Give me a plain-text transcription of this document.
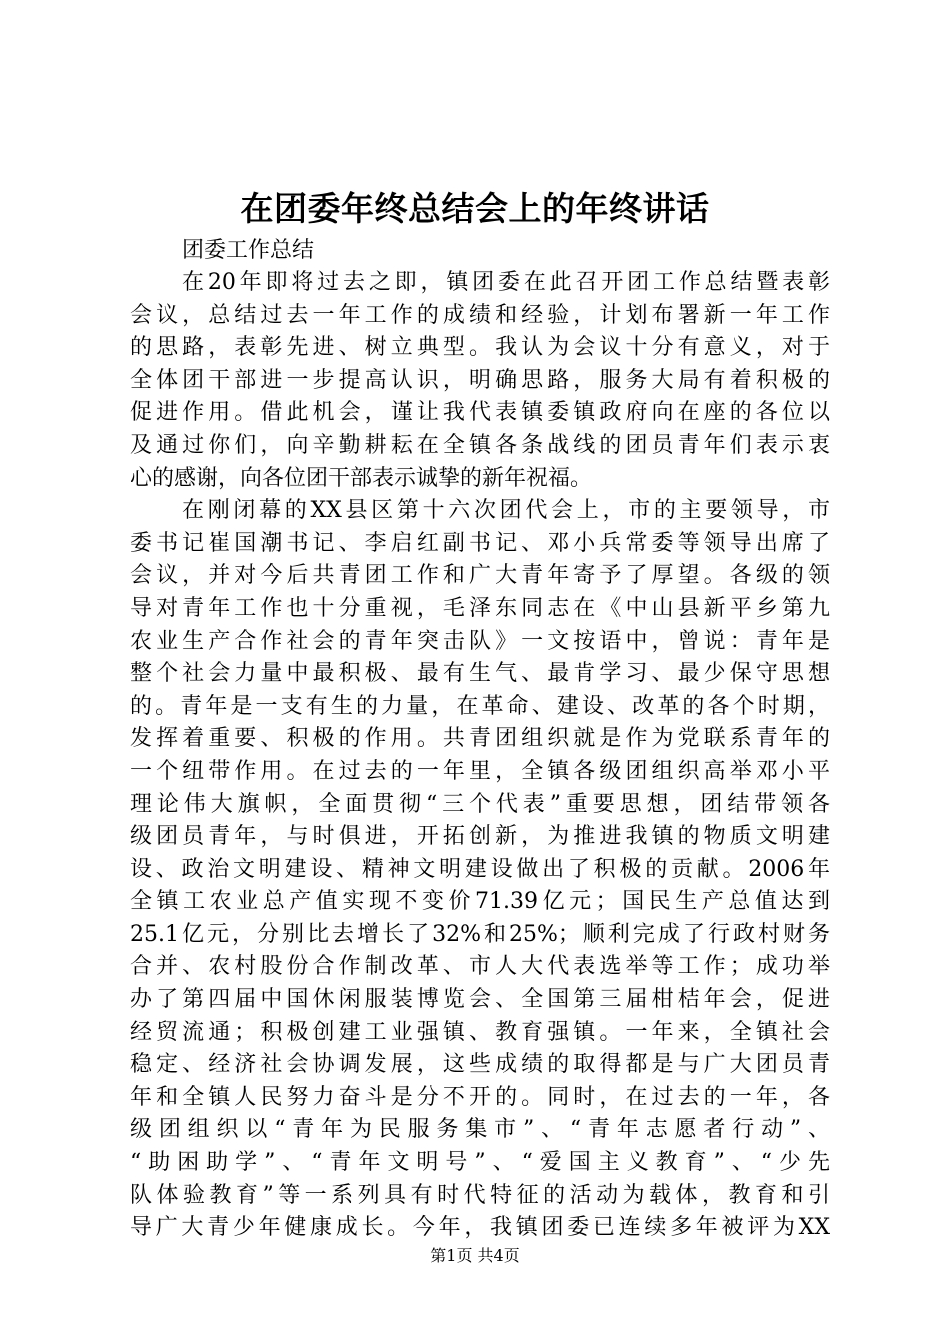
在团委年终总结会上的年终讲话
团委工作总结
在20年即将过去之即，镇团委在此召开团工作总结暨表彰
会议，总结过去一年工作的成绩和经验，计划布署新一年工作
的思路，表彰先进、树立典型。我认为会议十分有意义，对于
全体团干部进一步提高认识，明确思路，服务大局有着积极的
促进作用。借此机会，谨让我代表镇委镇政府向在座的各位以
及通过你们，向辛勤耕耘在全镇各条战线的团员青年们表示衷
心的感谢，向各位团干部表示诚挚的新年祝福。
在刚闭幕的XX县区第十六次团代会上，市的主要领导，市
委书记崔国潮书记、李启红副书记、邓小兵常委等领导出席了
会议，并对今后共青团工作和广大青年寄予了厚望。各级的领
导对青年工作也十分重视，毛泽东同志在《中山县新平乡第九
农业生产合作社会的青年突击队》一文按语中，曾说：青年是
整个社会力量中最积极、最有生气、最肯学习、最少保守思想
的。青年是一支有生的力量，在革命、建设、改革的各个时期，
发挥着重要、积极的作用。共青团组织就是作为党联系青年的
一个纽带作用。在过去的一年里，全镇各级团组织高举邓小平
理论伟大旗帜，全面贯彻“三个代表”重要思想，团结带领各
级团员青年，与时俱进，开拓创新，为推进我镇的物质文明建
设、政治文明建设、精神文明建设做出了积极的贡献。2006年
全镇工农业总产值实现不变价71.39亿元；国民生产总值达到
25.1亿元，分别比去增长了32%和25%；顺利完成了行政村财务
合并、农村股份合作制改革、市人大代表选举等工作；成功举
办了第四届中国休闲服装博览会、全国第三届柑桔年会，促进
经贸流通；积极创建工业强镇、教育强镇。一年来，全镇社会
稳定、经济社会协调发展，这些成绩的取得都是与广大团员青
年和全镇人民努力奋斗是分不开的。同时，在过去的一年，各
级团组织以“青年为民服务集市”、“青年志愿者行动”、
“助困助学”、“青年文明号”、“爱国主义教育”、“少先
队体验教育”等一系列具有时代特征的活动为载体，教育和引
导广大青少年健康成长。今年，我镇团委已连续多年被评为XX
第1页 共4页
